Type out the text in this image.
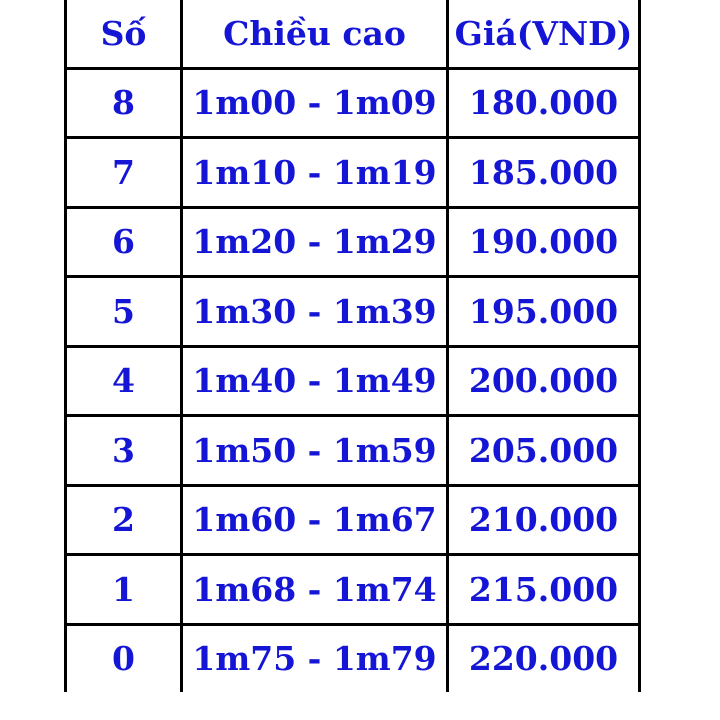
Số	Chiều cao	Giá(VND)
8	1m00 - 1m09	180.000
7	1m10 - 1m19	185.000
6	1m20 - 1m29	190.000
5	1m30 - 1m39	195.000
4	1m40 - 1m49	200.000
3	1m50 - 1m59	205.000
2	1m60 - 1m67	210.000
1	1m68 - 1m74	215.000
0	1m75 - 1m79	220.000
